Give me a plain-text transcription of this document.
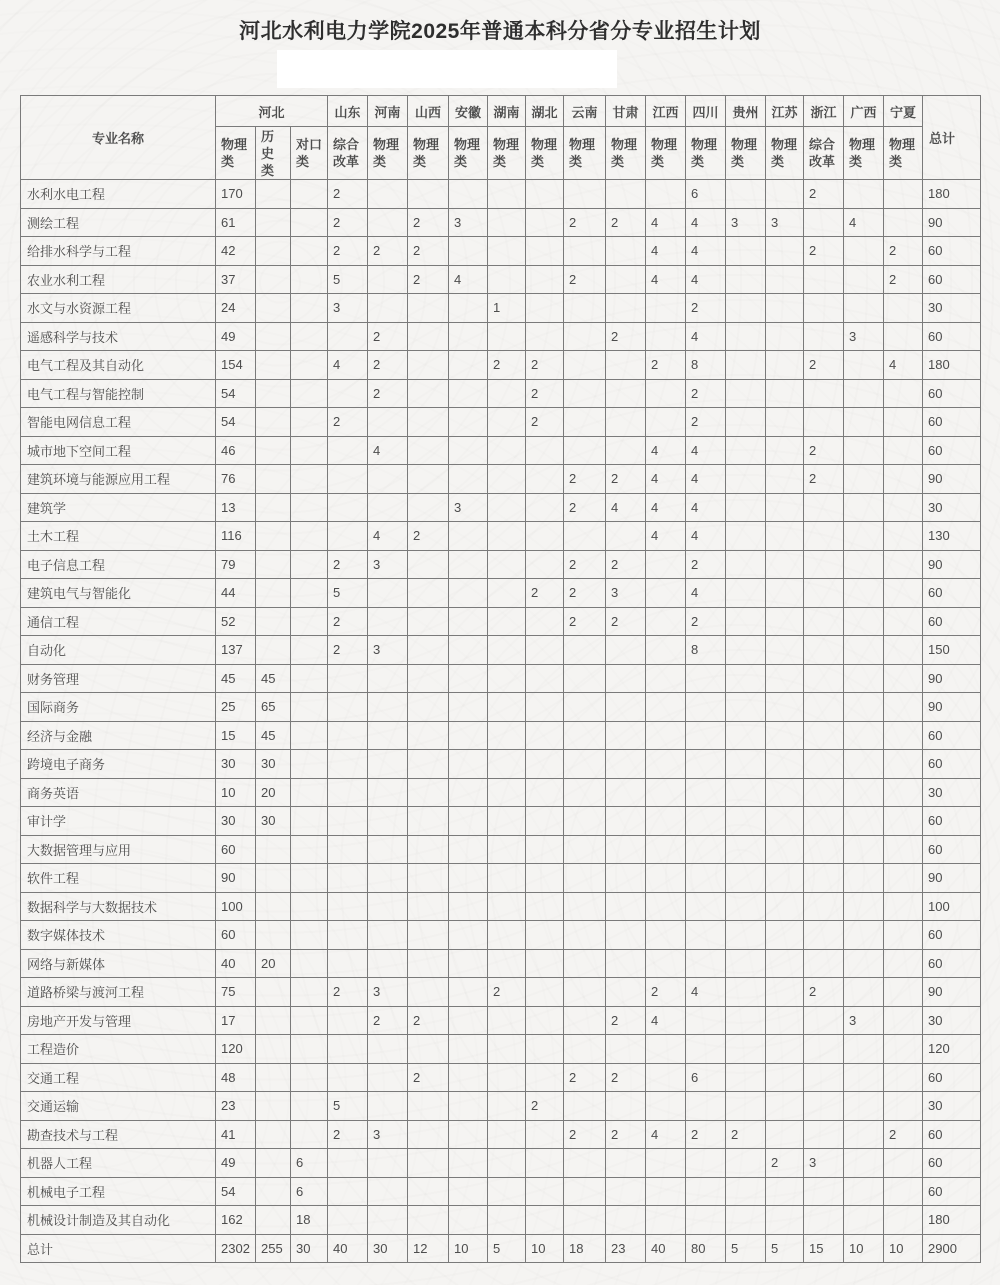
河北水利电力学院2025年普通本科分省分专业招生计划
专业名称	河北			山东	河南	山西	安徽	湖南	湖北	云南	甘肃	江西	四川	贵州	江苏	浙江	广西	宁夏	总计
	物理类	历史类	对口类	综合改革	物理类	物理类	物理类	物理类	物理类	物理类	物理类	物理类	物理类	物理类	物理类	综合改革	物理类	物理类	
水利水电工程	170			2									6			2			180
测绘工程	61			2		2	3			2	2	4	4	3	3		4		90
给排水科学与工程	42			2	2	2						4	4			2		2	60
农业水利工程	37			5		2	4			2		4	4					2	60
水文与水资源工程	24			3				1					2						30
遥感科学与技术	49				2						2		4				3		60
电气工程及其自动化	154			4	2			2	2			2	8			2		4	180
电气工程与智能控制	54				2				2				2						60
智能电网信息工程	54			2					2				2						60
城市地下空间工程	46				4							4	4			2			60
建筑环境与能源应用工程	76									2	2	4	4			2			90
建筑学	13						3			2	4	4	4						30
土木工程	116				4	2						4	4						130
电子信息工程	79			2	3					2	2		2						90
建筑电气与智能化	44			5					2	2	3		4						60
通信工程	52			2						2	2		2						60
自动化	137			2	3								8						150
财务管理	45	45																	90
国际商务	25	65																	90
经济与金融	15	45																	60
跨境电子商务	30	30																	60
商务英语	10	20																	30
审计学	30	30																	60
大数据管理与应用	60																		60
软件工程	90																		90
数据科学与大数据技术	100																		100
数字媒体技术	60																		60
网络与新媒体	40	20																	60
道路桥梁与渡河工程	75			2	3			2				2	4			2			90
房地产开发与管理	17				2	2					2	4					3		30
工程造价	120																		120
交通工程	48					2				2	2		6						60
交通运输	23			5					2										30
勘查技术与工程	41			2	3					2	2	4	2	2				2	60
机器人工程	49		6												2	3			60
机械电子工程	54		6																60
机械设计制造及其自动化	162		18																180
总计	2302	255	30	40	30	12	10	5	10	18	23	40	80	5	5	15	10	10	2900
